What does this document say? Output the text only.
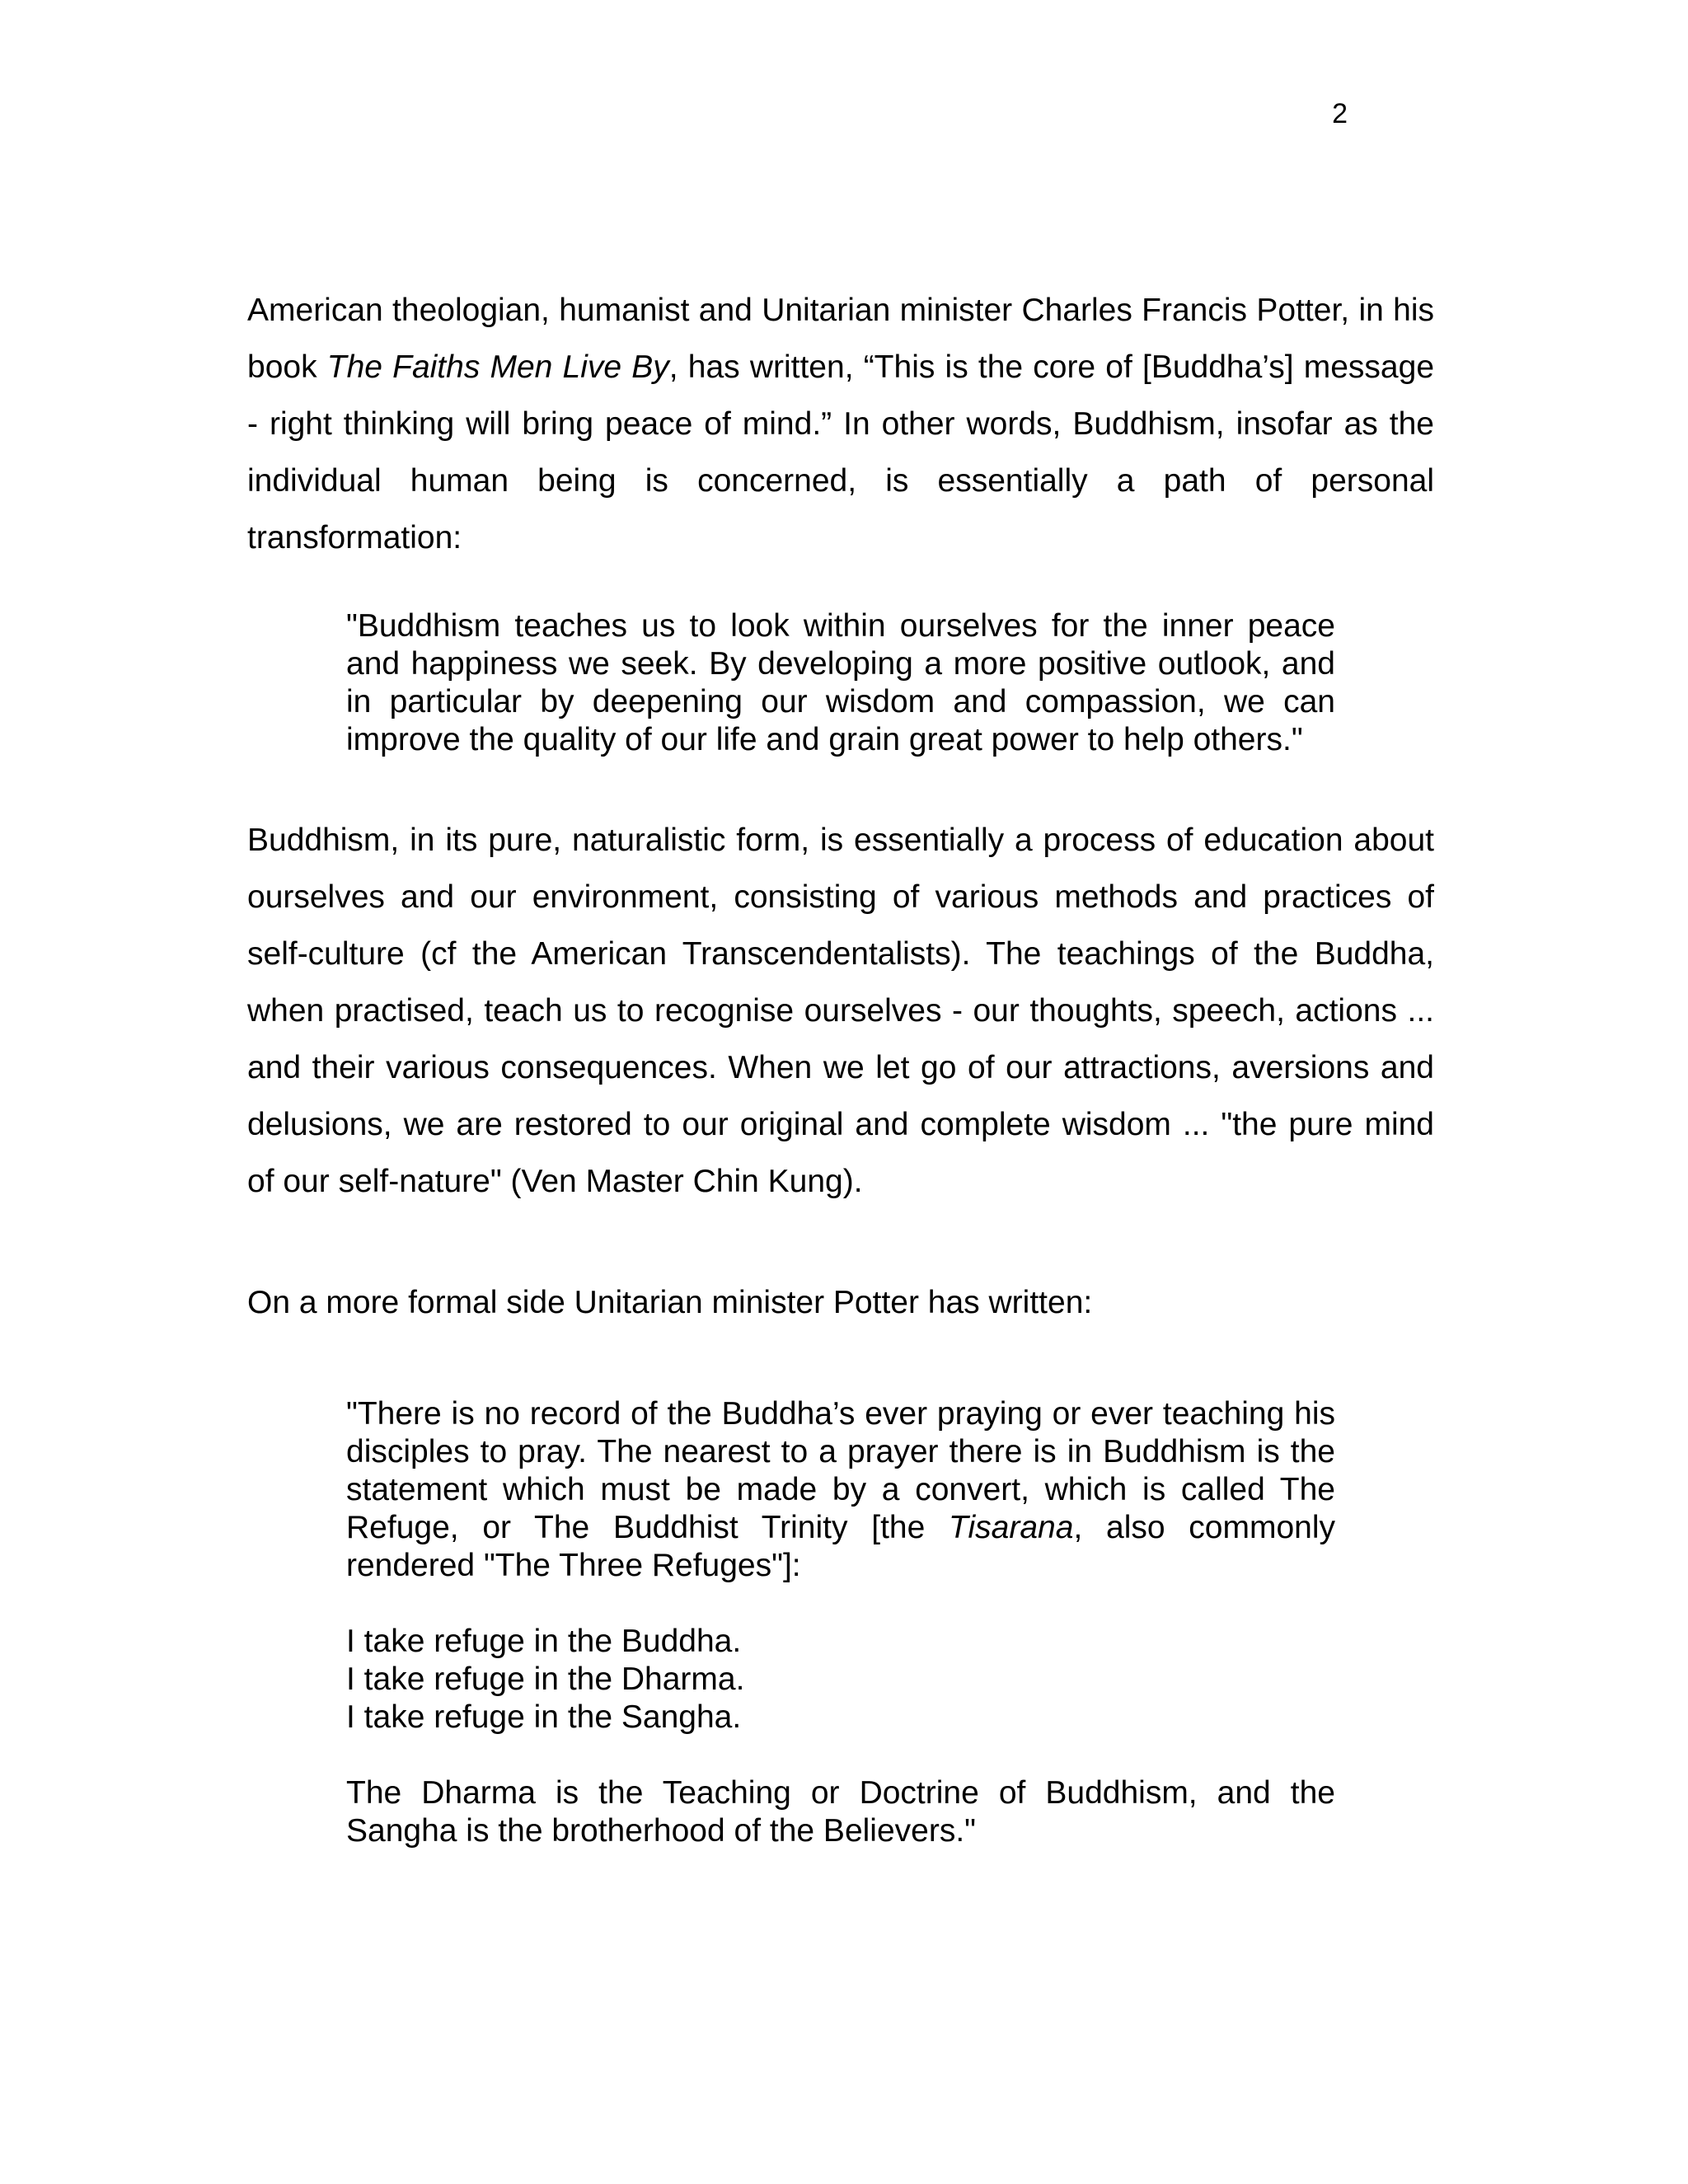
2

American theologian, humanist and Unitarian minister Charles Francis Potter, in his book The Faiths Men Live By, has written, “This is the core of [Buddha’s] message - right thinking will bring peace of mind.” In other words, Buddhism, insofar as the individual human being is concerned, is essentially a path of personal transformation:

"Buddhism teaches us to look within ourselves for the inner peace and happiness we seek. By developing a more positive outlook, and in particular by deepening our wisdom and compassion, we can improve the quality of our life and grain great power to help others."

Buddhism, in its pure, naturalistic form, is essentially a process of education about ourselves and our environment, consisting of various methods and practices of self-culture (cf the American Transcendentalists). The teachings of the Buddha, when practised, teach us to recognise ourselves - our thoughts, speech, actions ... and their various consequences. When we let go of our attractions, aversions and delusions, we are restored to our original and complete wisdom ... "the pure mind of our self-nature" (Ven Master Chin Kung).

On a more formal side Unitarian minister Potter has written:

"There is no record of the Buddha’s ever praying or ever teaching his disciples to pray. The nearest to a prayer there is in Buddhism is the statement which must be made by a convert, which is called The Refuge, or The Buddhist Trinity [the Tisarana, also commonly rendered "The Three Refuges"]:

I take refuge in the Buddha.

I take refuge in the Dharma.

I take refuge in the Sangha.

The Dharma is the Teaching or Doctrine of Buddhism, and the Sangha is the brotherhood of the Believers."
